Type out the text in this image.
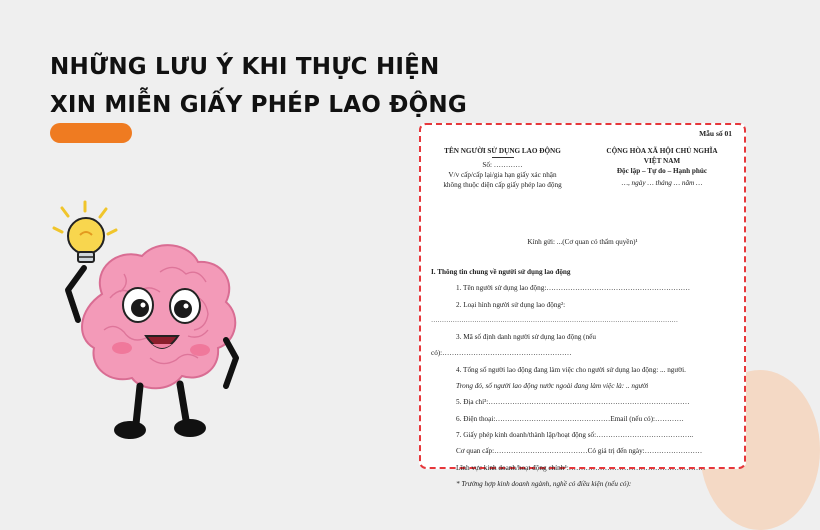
NHỮNG LƯU Ý KHI THỰC HIỆN
XIN MIỄN GIẤY PHÉP LAO ĐỘNG
Mẫu số 01
TÊN NGƯỜI SỬ DỤNG LAO ĐỘNG
Số: …………
V/v cấp/cấp lại/gia hạn giấy xác nhận
không thuộc diện cấp giấy phép lao động
CỘNG HÒA XÃ HỘI CHỦ NGHĨA
VIỆT NAM
Độc lập – Tự do – Hạnh phúc
…, ngày … tháng … năm …
Kính gửi: ...(Cơ quan có thẩm quyền)¹
I. Thông tin chung về người sử dụng lao động
1. Tên người sử dụng lao động:……………………………………………………
2. Loại hình người sử dụng lao động²:
……………………………………………………………………………………………………
3. Mã số định danh người sử dụng lao động (nếu
có):………………………………………………
4. Tổng số người lao động đang làm việc cho người sử dụng lao động: ... người.
Trong đó, số người lao động nước ngoài đang làm việc là: .. người
5. Địa chỉ³:…………………………………………………………………………
6. Điện thoại:…………………………………………Email (nếu có):…………
7. Giấy phép kinh doanh/thành lập/hoạt động số:…………………………………..
Cơ quan cấp:…………………………………Có giá trị đến ngày:……………………
Lĩnh vực kinh doanh/hoạt động chính⁴:…………………………………………………
* Trường hợp kinh doanh ngành, nghề có điều kiện (nếu có):
